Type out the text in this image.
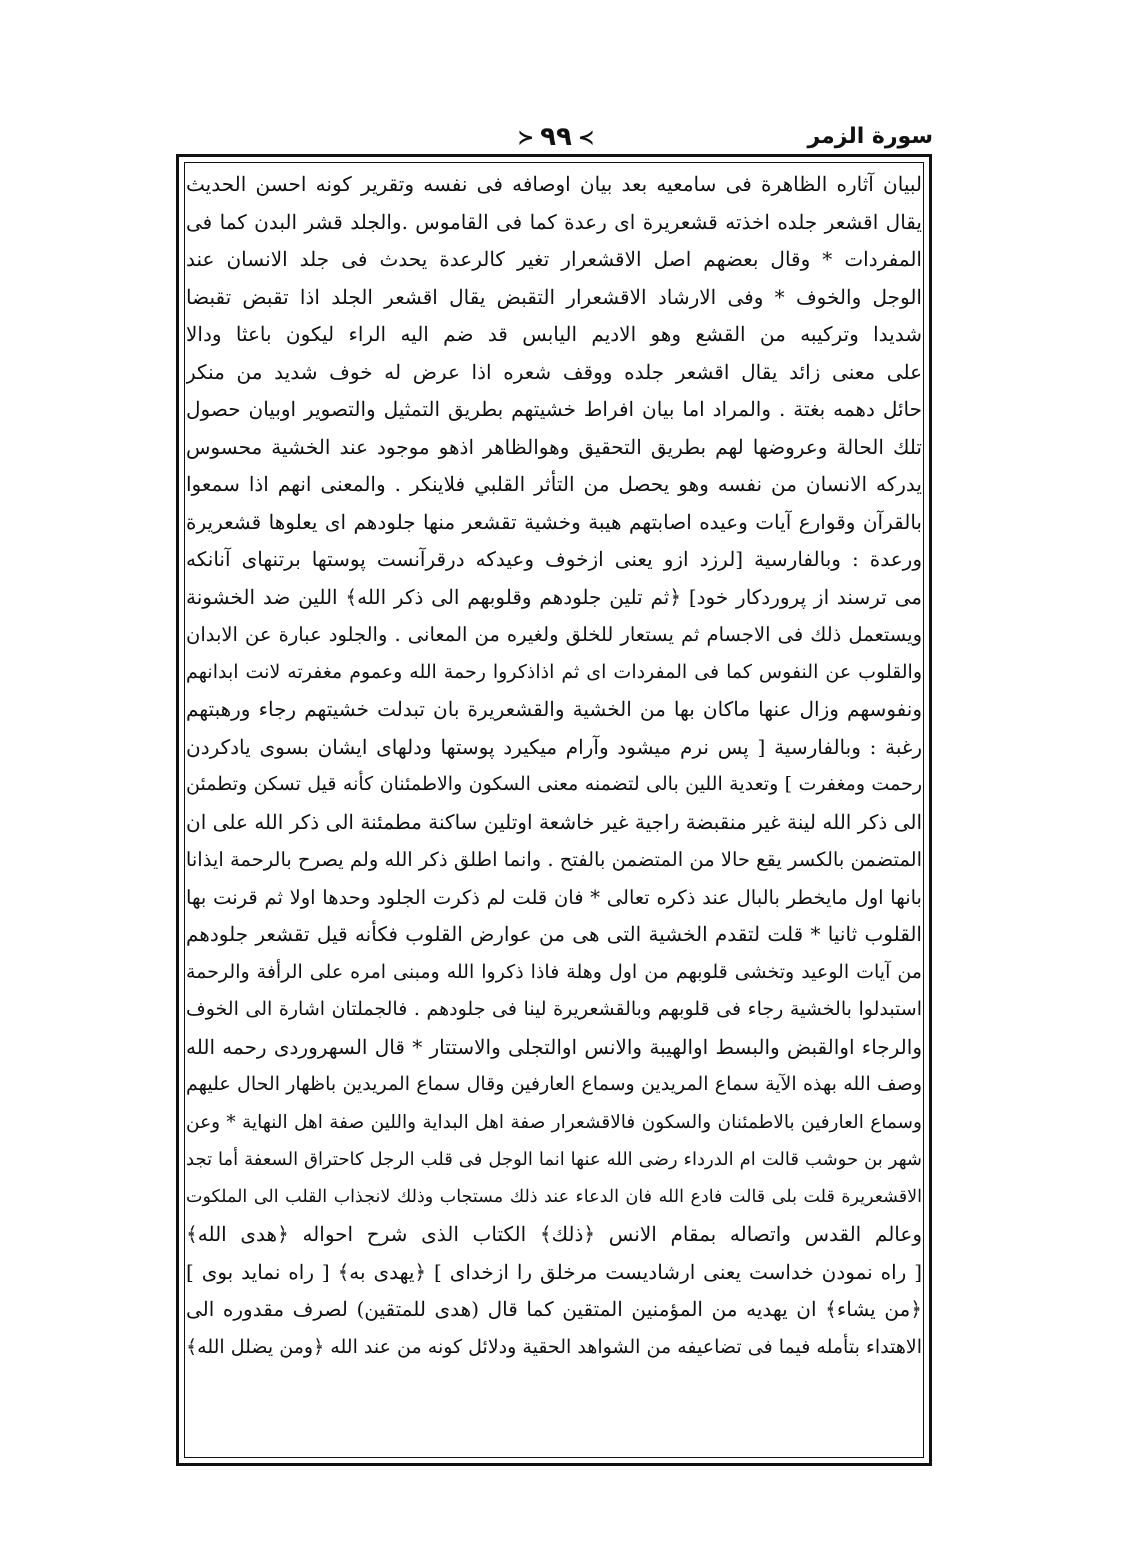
سورة الزمر
≻ ٩٩ ≺
لبيان آثاره الظاهرة فى سامعيه بعد بيان اوصافه فى نفسه وتقرير كونه احسن الحديث
يقال اقشعر جلده اخذته قشعريرة اى رعدة كما فى القاموس .والجلد قشر البدن كما فى
المفردات * وقال بعضهم اصل الاقشعرار تغير كالرعدة يحدث فى جلد الانسان عند
الوجل والخوف * وفى الارشاد الاقشعرار التقبض يقال اقشعر الجلد اذا تقبض تقبضا
شديدا وتركيبه من القشع وهو الاديم اليابس قد ضم اليه الراء ليكون باعثا ودالا
على معنى زائد يقال اقشعر جلده ووقف شعره اذا عرض له خوف شديد من منكر
حائل دهمه بغتة . والمراد اما بيان افراط خشيتهم بطريق التمثيل والتصوير اوبيان حصول
تلك الحالة وعروضها لهم بطريق التحقيق وهوالظاهر اذهو موجود عند الخشية محسوس
يدركه الانسان من نفسه وهو يحصل من التأثر القلبي فلاينكر . والمعنى انهم اذا سمعوا
بالقرآن وقوارع آيات وعيده اصابتهم هيبة وخشية تقشعر منها جلودهم اى يعلوها قشعريرة
ورعدة : وبالفارسية [لرزد ازو يعنى ازخوف وعيدكه درقرآنست پوستها برتنهاى آنانكه
مى ترسند از پروردكار خود] ﴿ثم تلين جلودهم وقلوبهم الى ذكر الله﴾ اللين ضد الخشونة
ويستعمل ذلك فى الاجسام ثم يستعار للخلق ولغيره من المعانى . والجلود عبارة عن الابدان
والقلوب عن النفوس كما فى المفردات اى ثم اذاذكروا رحمة الله وعموم مغفرته لانت ابدانهم
ونفوسهم وزال عنها ماكان بها من الخشية والقشعريرة بان تبدلت خشيتهم رجاء ورهبتهم
رغبة : وبالفارسية [ پس نرم ميشود وآرام ميكيرد پوستها ودلهاى ايشان بسوى يادكردن
رحمت ومغفرت ] وتعدية اللين بالى لتضمنه معنى السكون والاطمئنان كأنه قيل تسكن وتطمئن
الى ذكر الله لينة غير منقبضة راجية غير خاشعة اوتلين ساكنة مطمئنة الى ذكر الله على ان
المتضمن بالكسر يقع حالا من المتضمن بالفتح . وانما اطلق ذكر الله ولم يصرح بالرحمة ايذانا
بانها اول مايخطر بالبال عند ذكره تعالى * فان قلت لم ذكرت الجلود وحدها اولا ثم قرنت بها
القلوب ثانيا * قلت لتقدم الخشية التى هى من عوارض القلوب فكأنه قيل تقشعر جلودهم
من آيات الوعيد وتخشى قلوبهم من اول وهلة فاذا ذكروا الله ومبنى امره على الرأفة والرحمة
استبدلوا بالخشية رجاء فى قلوبهم وبالقشعريرة لينا فى جلودهم . فالجملتان اشارة الى الخوف
والرجاء اوالقبض والبسط اوالهيبة والانس اوالتجلى والاستتار * قال السهروردى رحمه الله
وصف الله بهذه الآية سماع المريدين وسماع العارفين وقال سماع المريدين باظهار الحال عليهم
وسماع العارفين بالاطمئنان والسكون فالاقشعرار صفة اهل البداية واللين صفة اهل النهاية * وعن
شهر بن حوشب قالت ام الدرداء رضى الله عنها انما الوجل فى قلب الرجل كاحتراق السعفة أما تجد
الاقشعريرة قلت بلى قالت فادع الله فان الدعاء عند ذلك مستجاب وذلك لانجذاب القلب الى الملكوت
وعالم القدس واتصاله بمقام الانس ﴿ذلك﴾ الكتاب الذى شرح احواله ﴿هدى الله﴾
[ راه نمودن خداست يعنى ارشاديست مرخلق را ازخداى ] ﴿يهدى به﴾ [ راه نمايد بوى ]
﴿من يشاء﴾ ان يهديه من المؤمنين المتقين كما قال (هدى للمتقين) لصرف مقدوره الى
الاهتداء بتأمله فيما فى تضاعيفه من الشواهد الحقية ودلائل كونه من عند الله ﴿ومن يضلل الله﴾
